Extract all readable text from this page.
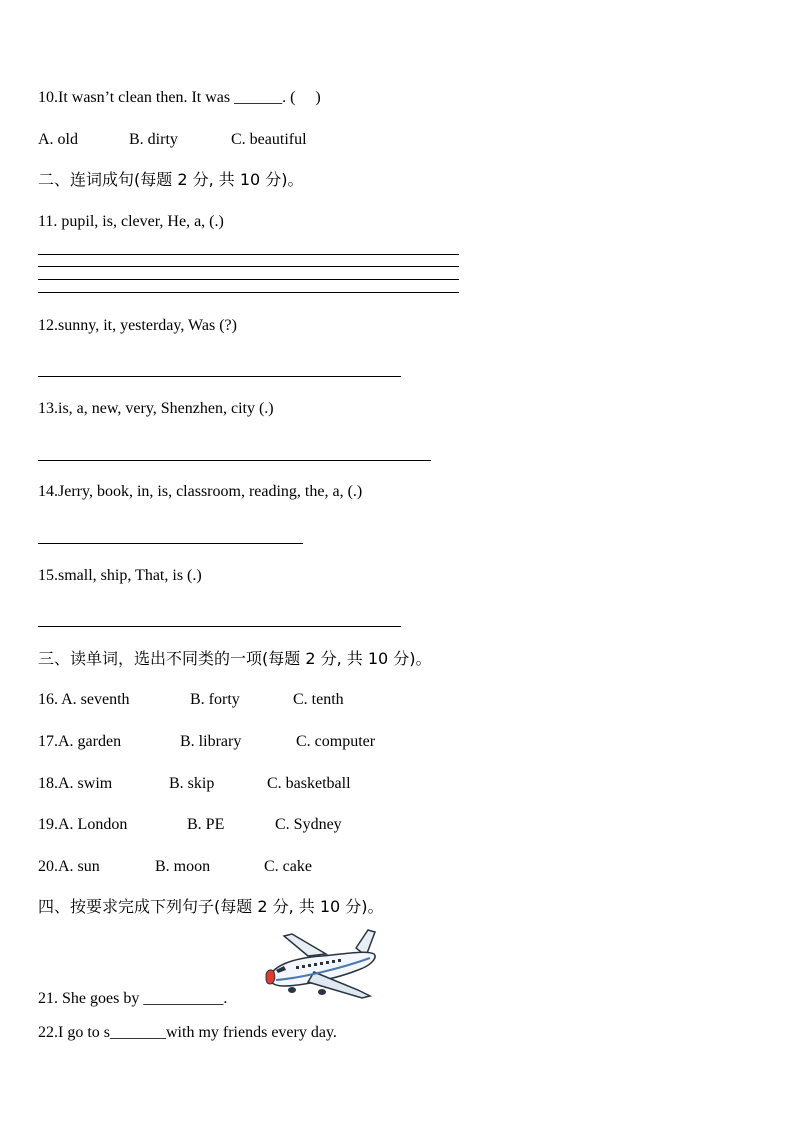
10.It wasn’t clean then. It was ______. (     )
A. old	B. dirty	C. beautiful
二、连词成句(每题 2 分, 共 10 分)。
11. pupil, is, clever, He, a, (.)
12.sunny, it, yesterday, Was (?)
13.is, a, new, very, Shenzhen, city (.)
14.Jerry, book, in, is, classroom, reading, the, a, (.)
15.small, ship, That, is (.)
三、读单词，选出不同类的一项(每题 2 分, 共 10 分)。
16. A. seventh	B. forty	C. tenth
17.A. garden	B. library	C. computer
18.A. swim	B. skip	C. basketball
19.A. London	B. PE	C. Sydney
20.A. sun	B. moon	C. cake
四、按要求完成下列句子(每题 2 分, 共 10 分)。
21. She goes by __________.
22.I go to s_______with my friends every day.
